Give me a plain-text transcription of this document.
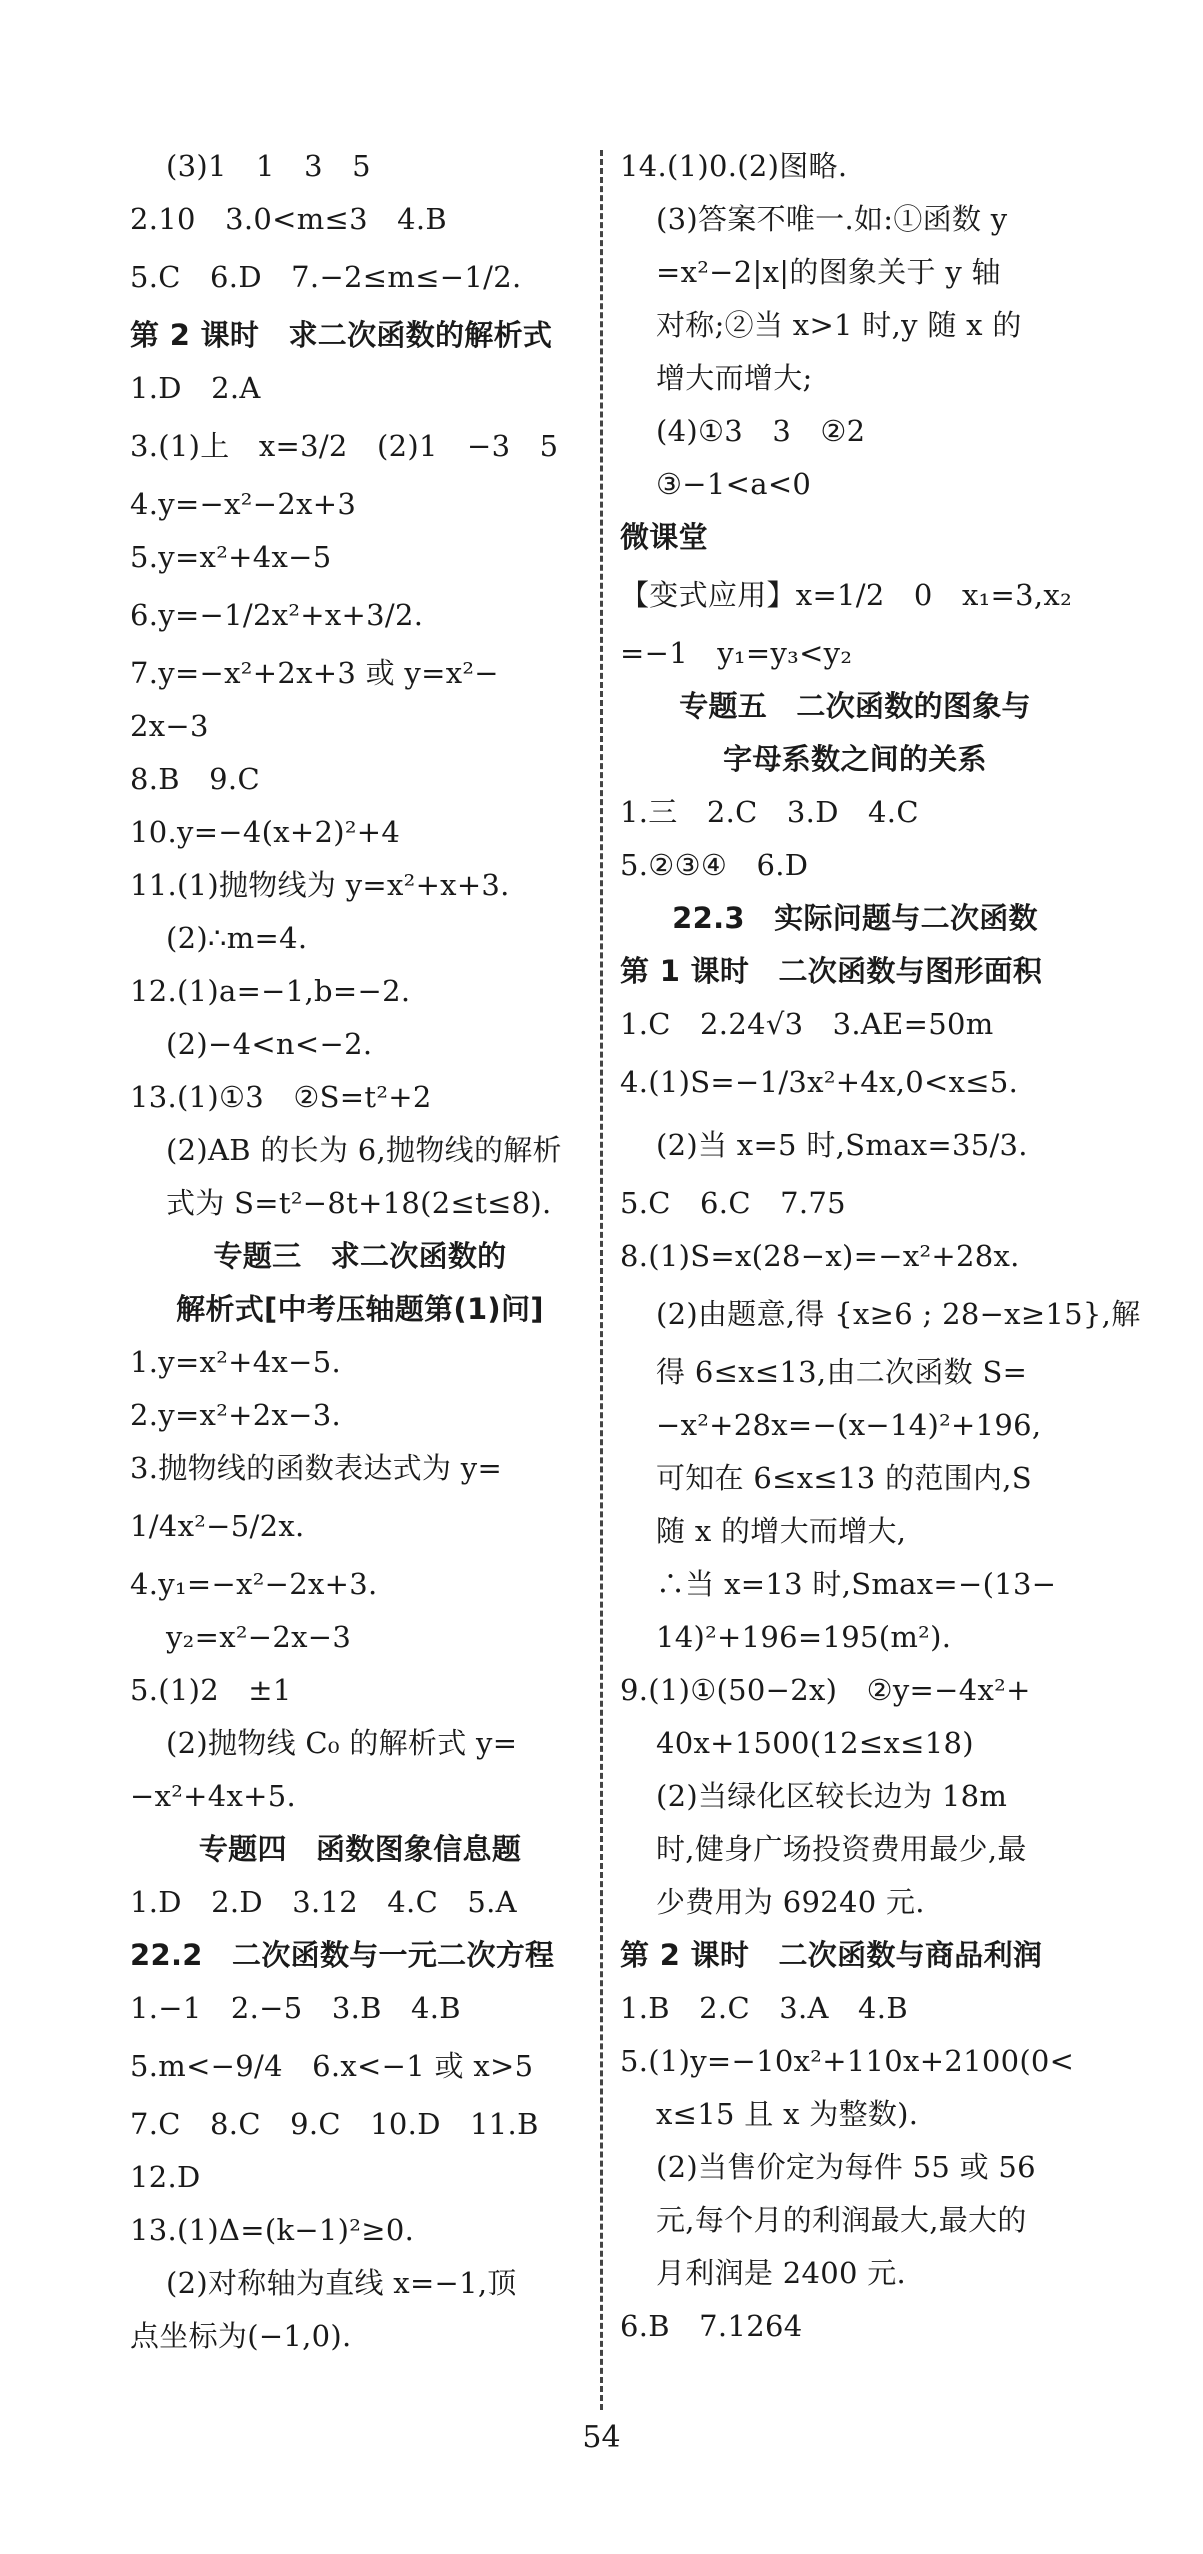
(3)1　1　3　5
2.10　3.0<m≤3　4.B
5.C　6.D　7.−2≤m≤−1/2.
第 2 课时　求二次函数的解析式
1.D　2.A
3.(1)上　x=3/2　(2)1　−3　5
4.y=−x²−2x+3
5.y=x²+4x−5
6.y=−1/2x²+x+3/2.
7.y=−x²+2x+3 或 y=x²−
2x−3
8.B　9.C
10.y=−4(x+2)²+4
11.(1)抛物线为 y=x²+x+3.
(2)∴m=4.
12.(1)a=−1,b=−2.
(2)−4<n<−2.
13.(1)①3　②S=t²+2
(2)AB 的长为 6,抛物线的解析
式为 S=t²−8t+18(2≤t≤8).
专题三　求二次函数的
解析式[中考压轴题第(1)问]
1.y=x²+4x−5.
2.y=x²+2x−3.
3.抛物线的函数表达式为 y=
1/4x²−5/2x.
4.y₁=−x²−2x+3.
y₂=x²−2x−3
5.(1)2　±1
(2)抛物线 C₀ 的解析式 y=
−x²+4x+5.
专题四　函数图象信息题
1.D　2.D　3.12　4.C　5.A
22.2　二次函数与一元二次方程
1.−1　2.−5　3.B　4.B
5.m<−9/4　6.x<−1 或 x>5
7.C　8.C　9.C　10.D　11.B
12.D
13.(1)Δ=(k−1)²≥0.
(2)对称轴为直线 x=−1,顶
点坐标为(−1,0).
14.(1)0.(2)图略.
(3)答案不唯一.如:①函数 y
=x²−2|x|的图象关于 y 轴
对称;②当 x>1 时,y 随 x 的
增大而增大;
(4)①3　3　②2
③−1<a<0
微课堂
【变式应用】x=1/2　0　x₁=3,x₂
=−1　y₁=y₃<y₂
专题五　二次函数的图象与
字母系数之间的关系
1.三　2.C　3.D　4.C
5.②③④　6.D
22.3　实际问题与二次函数
第 1 课时　二次函数与图形面积
1.C　2.24√3　3.AE=50m
4.(1)S=−1/3x²+4x,0<x≤5.
(2)当 x=5 时,Smax=35/3.
5.C　6.C　7.75
8.(1)S=x(28−x)=−x²+28x.
(2)由题意,得 {x≥6 ; 28−x≥15},解
得 6≤x≤13,由二次函数 S=
−x²+28x=−(x−14)²+196,
可知在 6≤x≤13 的范围内,S
随 x 的增大而增大,
∴当 x=13 时,Smax=−(13−
14)²+196=195(m²).
9.(1)①(50−2x)　②y=−4x²+
40x+1500(12≤x≤18)
(2)当绿化区较长边为 18m
时,健身广场投资费用最少,最
少费用为 69240 元.
第 2 课时　二次函数与商品利润
1.B　2.C　3.A　4.B
5.(1)y=−10x²+110x+2100(0<
x≤15 且 x 为整数).
(2)当售价定为每件 55 或 56
元,每个月的利润最大,最大的
月利润是 2400 元.
6.B　7.1264
54
